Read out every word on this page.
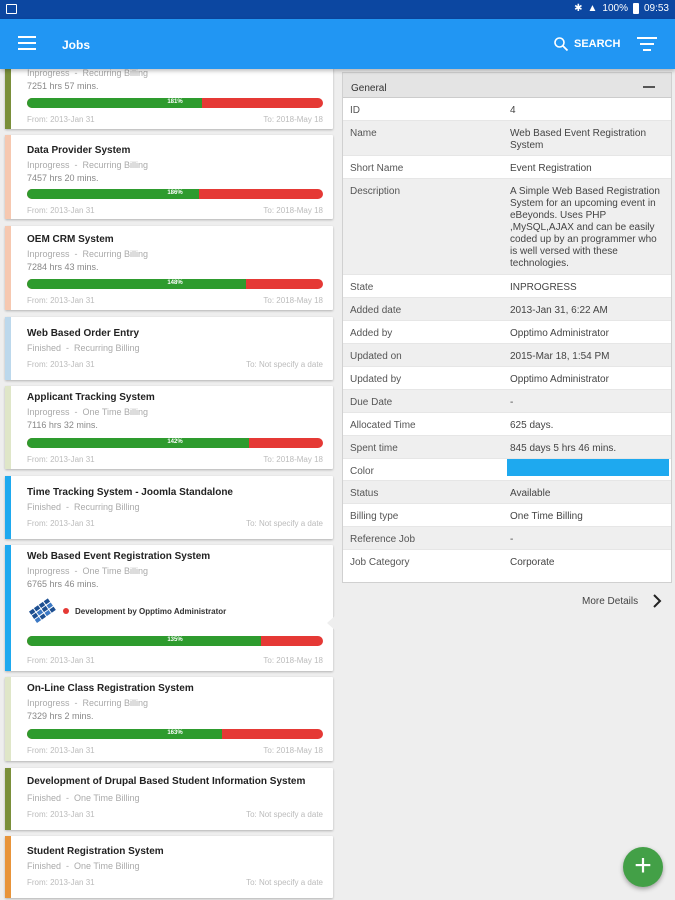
✱ ▲ 100% 09:53
Jobs	SEARCH
Inprogress - Recurring Billing
7251 hrs 57 mins.
181%
From: 2013-Jan 31	To: 2018-May 18
Data Provider System
Inprogress - Recurring Billing
7457 hrs 20 mins.
186%
From: 2013-Jan 31	To: 2018-May 18
OEM CRM System
Inprogress - Recurring Billing
7284 hrs 43 mins.
148%
From: 2013-Jan 31	To: 2018-May 18
Web Based Order Entry
Finished - Recurring Billing
From: 2013-Jan 31	To: Not specify a date
Applicant Tracking System
Inprogress - One Time Billing
7116 hrs 32 mins.
142%
From: 2013-Jan 31	To: 2018-May 18
Time Tracking System - Joomla Standalone
Finished - Recurring Billing
From: 2013-Jan 31	To: Not specify a date
Web Based Event Registration System
Inprogress - One Time Billing
6765 hrs 46 mins.
Development by Opptimo Administrator
135%
From: 2013-Jan 31	To: 2018-May 18
On-Line Class Registration System
Inprogress - Recurring Billing
7329 hrs 2 mins.
163%
From: 2013-Jan 31	To: 2018-May 18
Development of Drupal Based Student Information System
Finished - One Time Billing
From: 2013-Jan 31	To: Not specify a date
Student Registration System
Finished - One Time Billing
From: 2013-Jan 31	To: Not specify a date
General
ID	4
Name	Web Based Event Registration System
Short Name	Event Registration
Description	A Simple Web Based Registration System for an upcoming event in eBeyonds. Uses PHP ,MySQL,AJAX and can be easily coded up by an programmer who is well versed with these technologies.
State	INPROGRESS
Added date	2013-Jan 31, 6:22 AM
Added by	Opptimo Administrator
Updated on	2015-Mar 18, 1:54 PM
Updated by	Opptimo Administrator
Due Date	-
Allocated Time	625 days.
Spent time	845 days 5 hrs 46 mins.
Color
Status	Available
Billing type	One Time Billing
Reference Job	-
Job Category	Corporate
More Details
+
